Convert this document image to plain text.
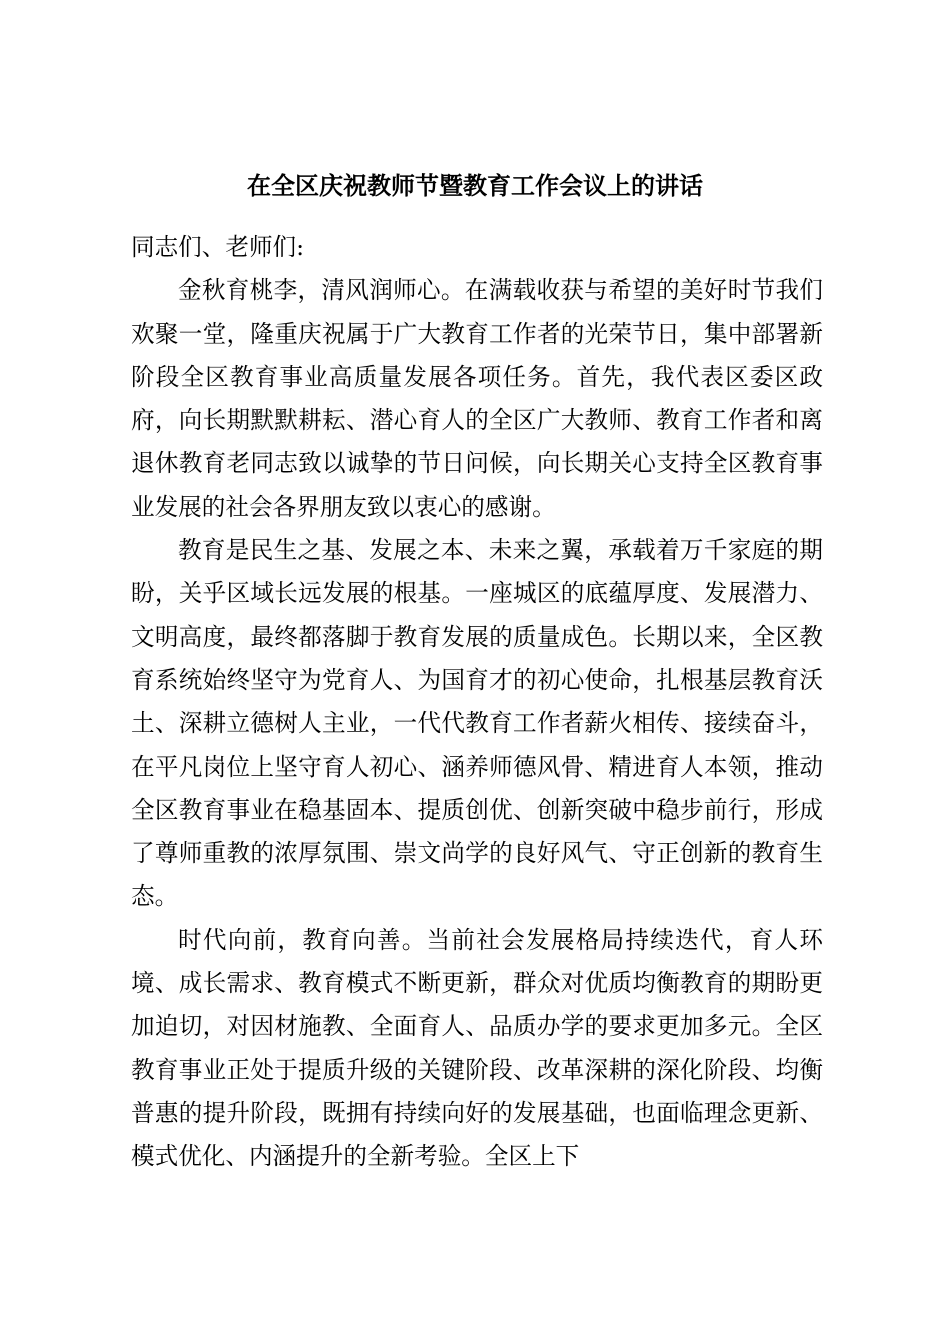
在全区庆祝教师节暨教育工作会议上的讲话

同志们、老师们:

金秋育桃李，清风润师心。在满载收获与希望的美好时节我们欢聚一堂，隆重庆祝属于广大教育工作者的光荣节日，集中部署新阶段全区教育事业高质量发展各项任务。首先，我代表区委区政府，向长期默默耕耘、潜心育人的全区广大教师、教育工作者和离退休教育老同志致以诚挚的节日问候，向长期关心支持全区教育事业发展的社会各界朋友致以衷心的感谢。

教育是民生之基、发展之本、未来之翼，承载着万千家庭的期盼，关乎区域长远发展的根基。一座城区的底蕴厚度、发展潜力、文明高度，最终都落脚于教育发展的质量成色。长期以来，全区教育系统始终坚守为党育人、为国育才的初心使命，扎根基层教育沃土、深耕立德树人主业，一代代教育工作者薪火相传、接续奋斗，在平凡岗位上坚守育人初心、涵养师德风骨、精进育人本领，推动全区教育事业在稳基固本、提质创优、创新突破中稳步前行，形成了尊师重教的浓厚氛围、崇文尚学的良好风气、守正创新的教育生态。

时代向前，教育向善。当前社会发展格局持续迭代，育人环境、成长需求、教育模式不断更新，群众对优质均衡教育的期盼更加迫切，对因材施教、全面育人、品质办学的要求更加多元。全区教育事业正处于提质升级的关键阶段、改革深耕的深化阶段、均衡普惠的提升阶段，既拥有持续向好的发展基础，也面临理念更新、模式优化、内涵提升的全新考验。全区上下
